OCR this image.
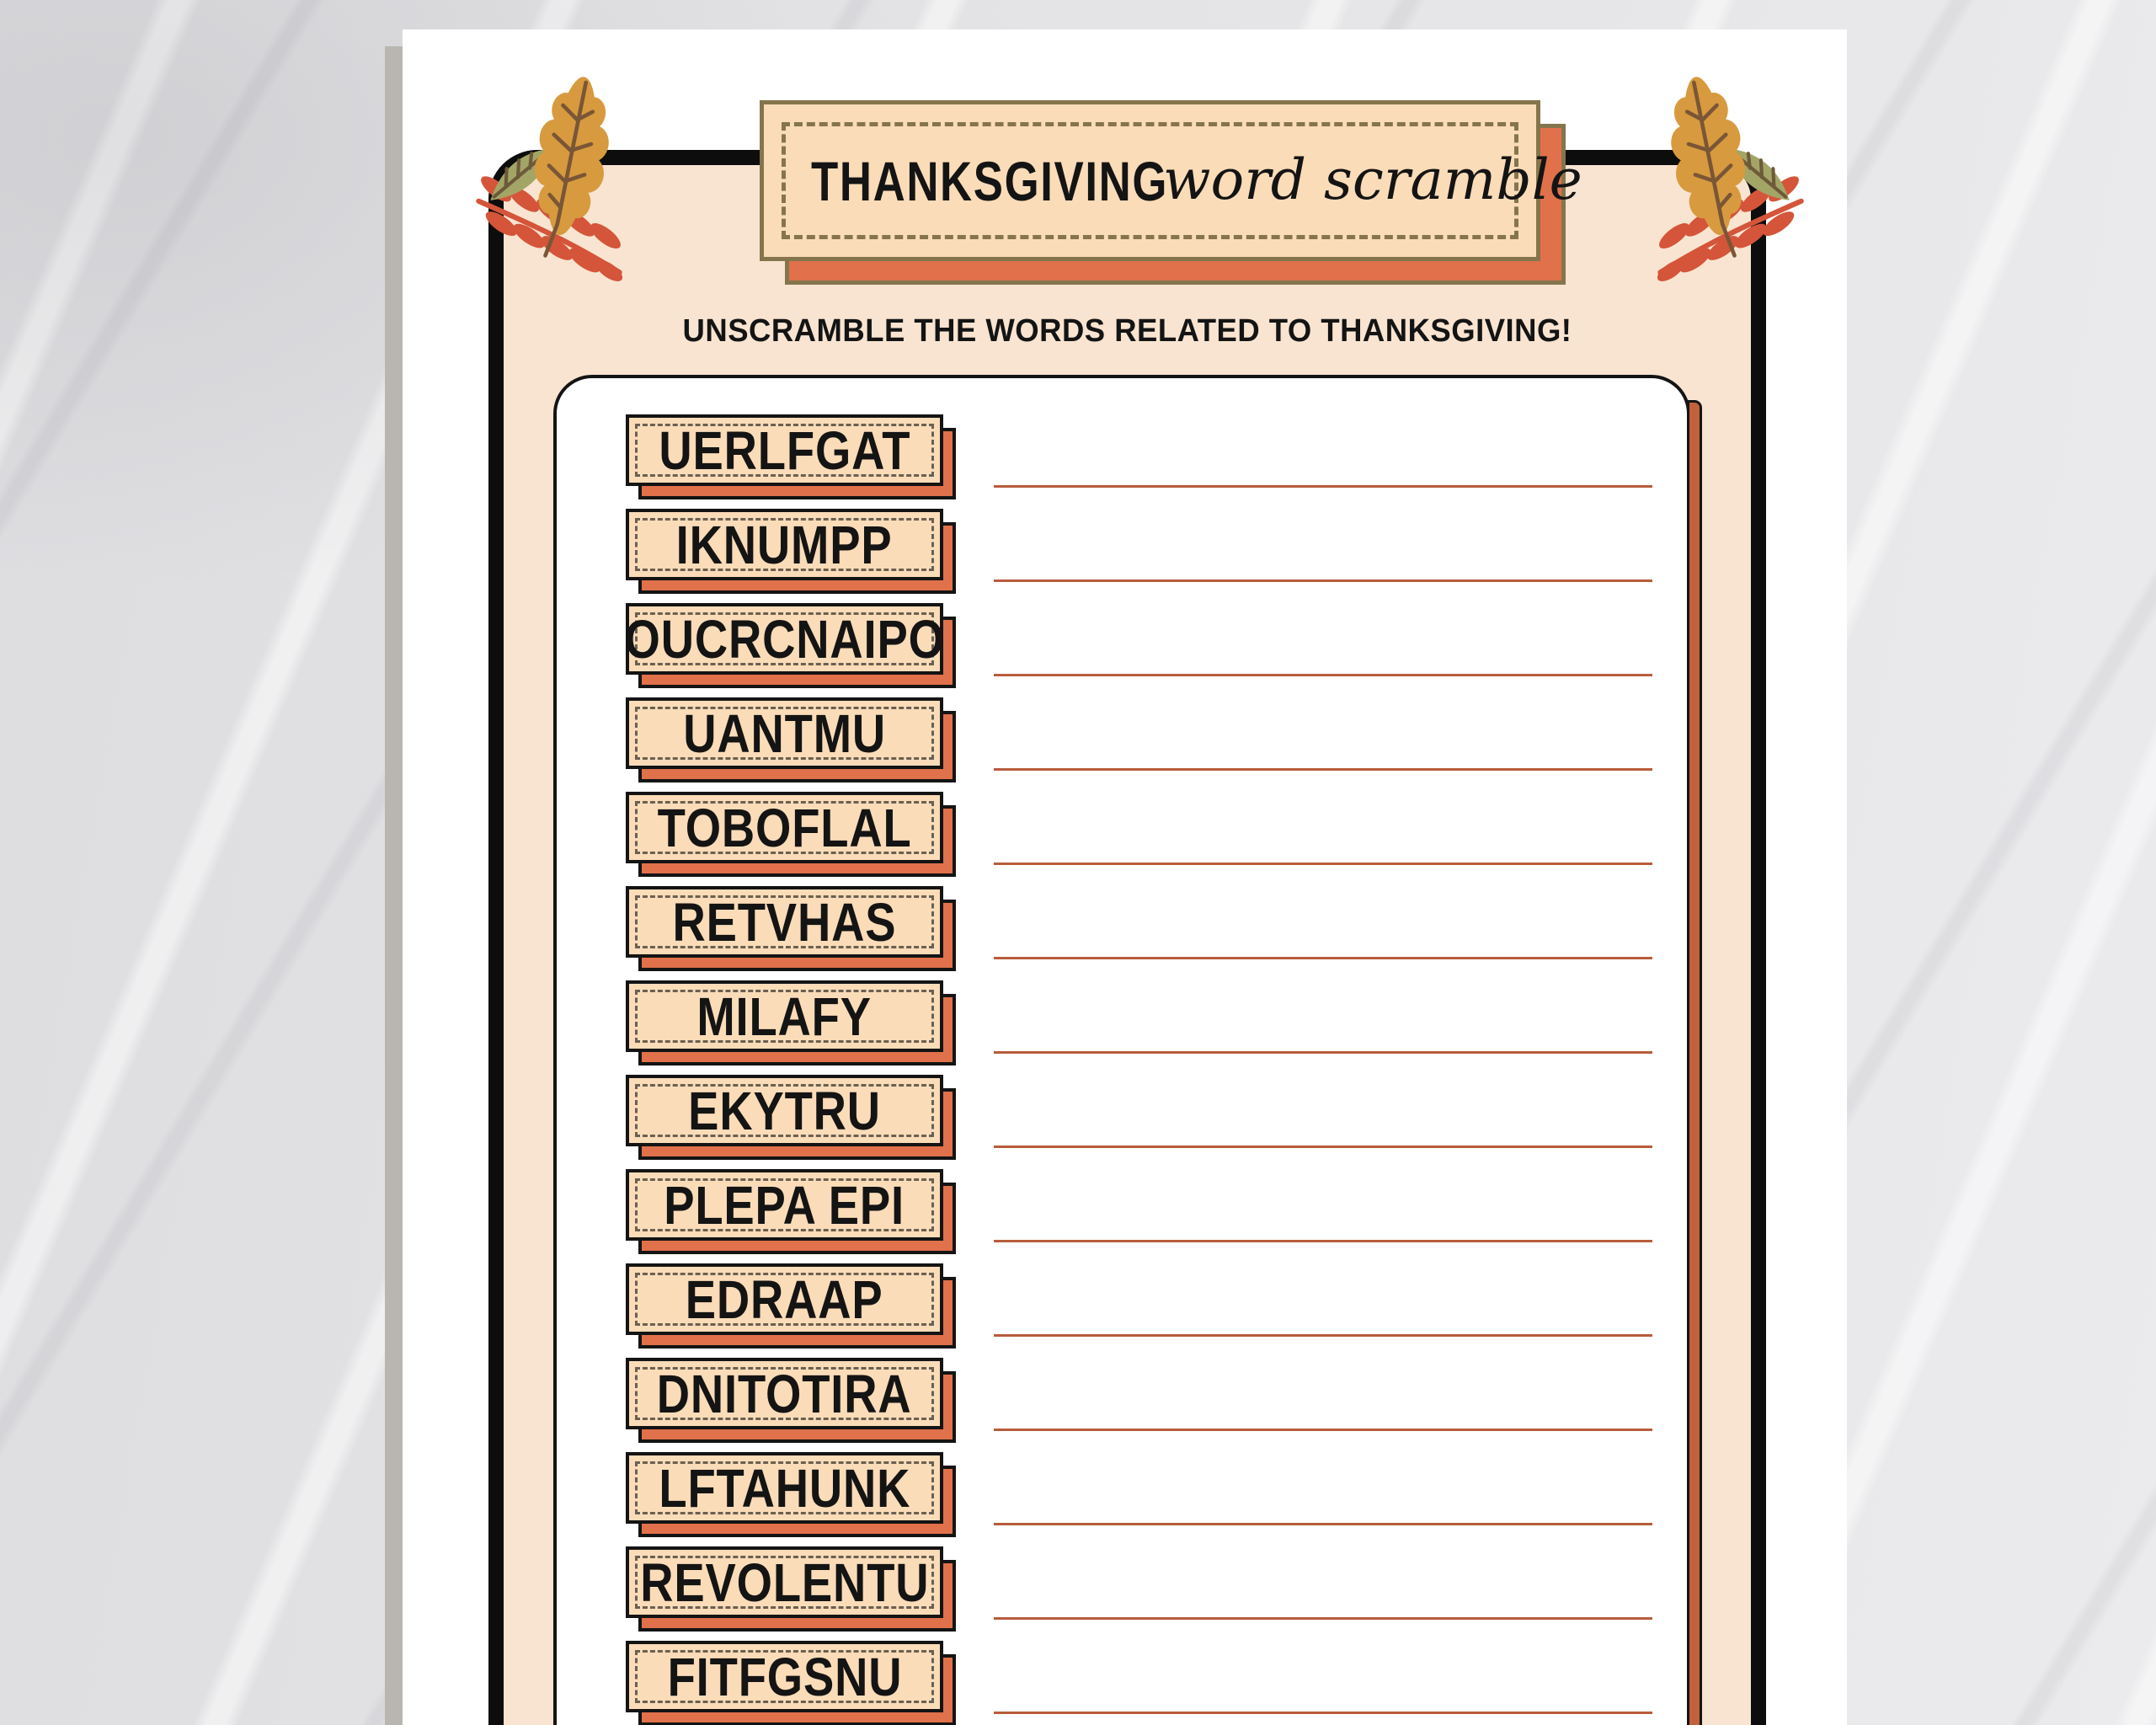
THANKSGIVING
word scramble
UNSCRAMBLE THE WORDS RELATED TO THANKSGIVING!
UERLFGAT
IKNUMPP
OUCRCNAIPO
UANTMU
TOBOFLAL
RETVHAS
MILAFY
EKYTRU
PLEPA EPI
EDRAAP
DNITOTIRA
LFTAHUNK
REVOLENTU
FITFGSNU
